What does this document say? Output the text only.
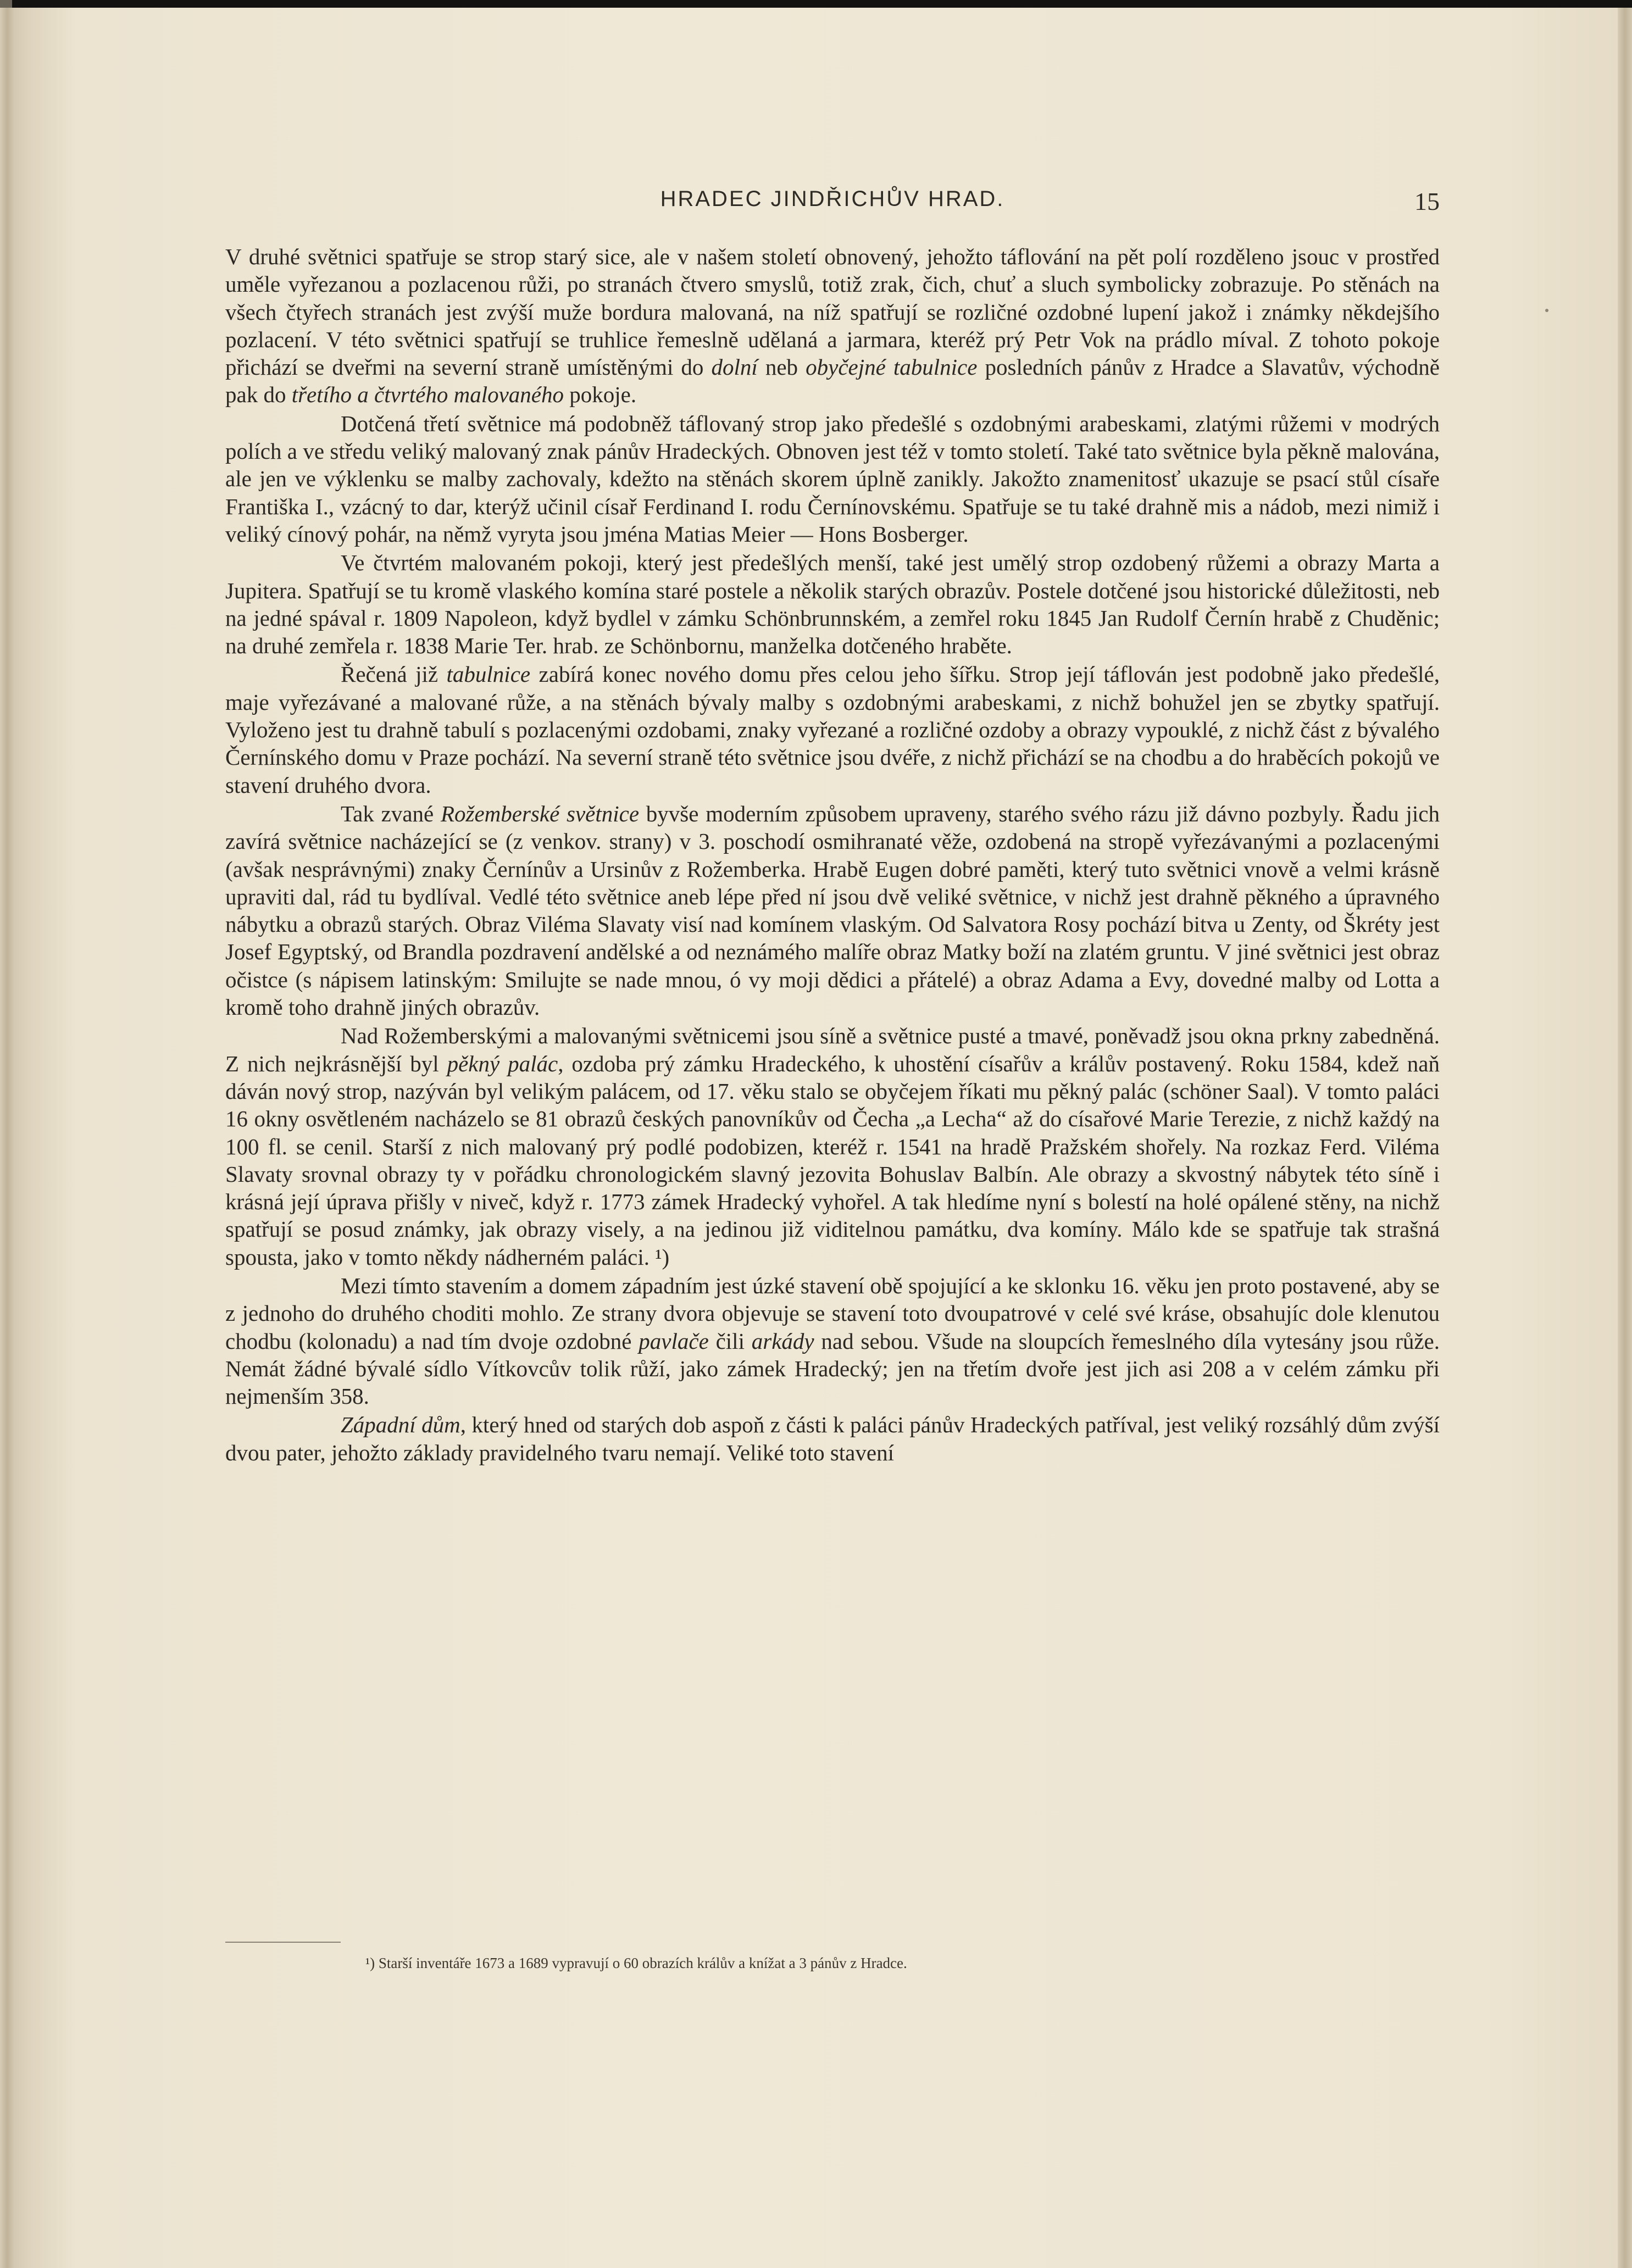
HRADEC JINDŘICHŮV HRAD.	15

V druhé světnici spatřuje se strop starý sice, ale v našem století obnovený, jehožto táflování na pět polí rozděleno jsouc v prostřed uměle vyřezanou a pozlacenou růži, po stranách čtvero smyslů, totiž zrak, čich, chuť a sluch symbolicky zobrazuje. Po stěnách na všech čtyřech stranách jest zvýší muže bordura malovaná, na níž spatřují se rozličné ozdobné lupení jakož i známky někdejšího pozlacení. V této světnici spatřují se truhlice řemeslně udělaná a jarmara, kteréž prý Petr Vok na prádlo míval. Z tohoto pokoje přichází se dveřmi na severní straně umístěnými do dolní neb obyčejné tabulnice posledních pánův z Hradce a Slavatův, východně pak do třetího a čtvrtého malovaného pokoje.

Dotčená třetí světnice má podobněž táflovaný strop jako předešlé s ozdobnými arabeskami, zlatými růžemi v modrých polích a ve středu veliký malovaný znak pánův Hradeckých. Obnoven jest též v tomto století. Také tato světnice byla pěkně malována, ale jen ve výklenku se malby zachovaly, kdežto na stěnách skorem úplně zanikly. Jakožto znamenitosť ukazuje se psací stůl císaře Františka I., vzácný to dar, kterýž učinil císař Ferdinand I. rodu Černínovskému. Spatřuje se tu také drahně mis a nádob, mezi nimiž i veliký cínový pohár, na němž vyryta jsou jména Matias Meier — Hons Bosberger.

Ve čtvrtém malovaném pokoji, který jest předešlých menší, také jest umělý strop ozdobený růžemi a obrazy Marta a Jupitera. Spatřují se tu kromě vlaského komína staré postele a několik starých obrazův. Postele dotčené jsou historické důležitosti, neb na jedné spával r. 1809 Napoleon, když bydlel v zámku Schönbrunnském, a zemřel roku 1845 Jan Rudolf Černín hrabě z Chuděnic; na druhé zemřela r. 1838 Marie Ter. hrab. ze Schönbornu, manželka dotčeného hraběte.

Řečená již tabulnice zabírá konec nového domu přes celou jeho šířku. Strop její táflován jest podobně jako předešlé, maje vyřezávané a malované růže, a na stěnách bývaly malby s ozdobnými arabeskami, z nichž bohužel jen se zbytky spatřují. Vyloženo jest tu drahně tabulí s pozlacenými ozdobami, znaky vyřezané a rozličné ozdoby a obrazy vypouklé, z nichž část z bývalého Černínského domu v Praze pochází. Na severní straně této světnice jsou dvéře, z nichž přichází se na chodbu a do hraběcích pokojů ve stavení druhého dvora.

Tak zvané Rožemberské světnice byvše moderním způsobem upraveny, starého svého rázu již dávno pozbyly. Řadu jich zavírá světnice nacházející se (z venkov. strany) v 3. poschodí osmihranaté věže, ozdobená na stropě vyřezávanými a pozlacenými (avšak nesprávnými) znaky Černínův a Ursinův z Rožemberka. Hrabě Eugen dobré paměti, který tuto světnici vnově a velmi krásně upraviti dal, rád tu bydlíval. Vedlé této světnice aneb lépe před ní jsou dvě veliké světnice, v nichž jest drahně pěkného a úpravného nábytku a obrazů starých. Obraz Viléma Slavaty visí nad komínem vlaským. Od Salvatora Rosy pochází bitva u Zenty, od Škréty jest Josef Egyptský, od Brandla pozdravení andělské a od neznámého malíře obraz Matky boží na zlatém gruntu. V jiné světnici jest obraz očistce (s nápisem latinským: Smilujte se nade mnou, ó vy moji dědici a přátelé) a obraz Adama a Evy, dovedné malby od Lotta a kromě toho drahně jiných obrazův.

Nad Rožemberskými a malovanými světnicemi jsou síně a světnice pusté a tmavé, poněvadž jsou okna prkny zabedněná. Z nich nejkrásnější byl pěkný palác, ozdoba prý zámku Hradeckého, k uhostění císařův a králův postavený. Roku 1584, kdež naň dáván nový strop, nazýván byl velikým palácem, od 17. věku stalo se obyčejem říkati mu pěkný palác (schöner Saal). V tomto paláci 16 okny osvětleném nacházelo se 81 obrazů českých panovníkův od Čecha „a Lecha“ až do císařové Marie Terezie, z nichž každý na 100 fl. se cenil. Starší z nich malovaný prý podlé podobizen, kteréž r. 1541 na hradě Pražském shořely. Na rozkaz Ferd. Viléma Slavaty srovnal obrazy ty v pořádku chronologickém slavný jezovita Bohuslav Balbín. Ale obrazy a skvostný nábytek této síně i krásná její úprava přišly v niveč, když r. 1773 zámek Hradecký vyhořel. A tak hledíme nyní s bolestí na holé opálené stěny, na nichž spatřují se posud známky, jak obrazy visely, a na jedinou již viditelnou památku, dva komíny. Málo kde se spatřuje tak strašná spousta, jako v tomto někdy nádherném paláci. ¹)

Mezi tímto stavením a domem západním jest úzké stavení obě spojující a ke sklonku 16. věku jen proto postavené, aby se z jednoho do druhého choditi mohlo. Ze strany dvora objevuje se stavení toto dvoupatrové v celé své kráse, obsahujíc dole klenutou chodbu (kolonadu) a nad tím dvoje ozdobné pavlače čili arkády nad sebou. Všude na sloupcích řemeslného díla vytesány jsou růže. Nemát žádné bývalé sídlo Vítkovcův tolik růží, jako zámek Hradecký; jen na třetím dvoře jest jich asi 208 a v celém zámku při nejmenším 358.

Západní dům, který hned od starých dob aspoň z části k paláci pánův Hradeckých patříval, jest veliký rozsáhlý dům zvýší dvou pater, jehožto základy pravidelného tvaru nemají. Veliké toto stavení

¹) Starší inventáře 1673 a 1689 vypravují o 60 obrazích králův a knížat a 3 pánův z Hradce.
